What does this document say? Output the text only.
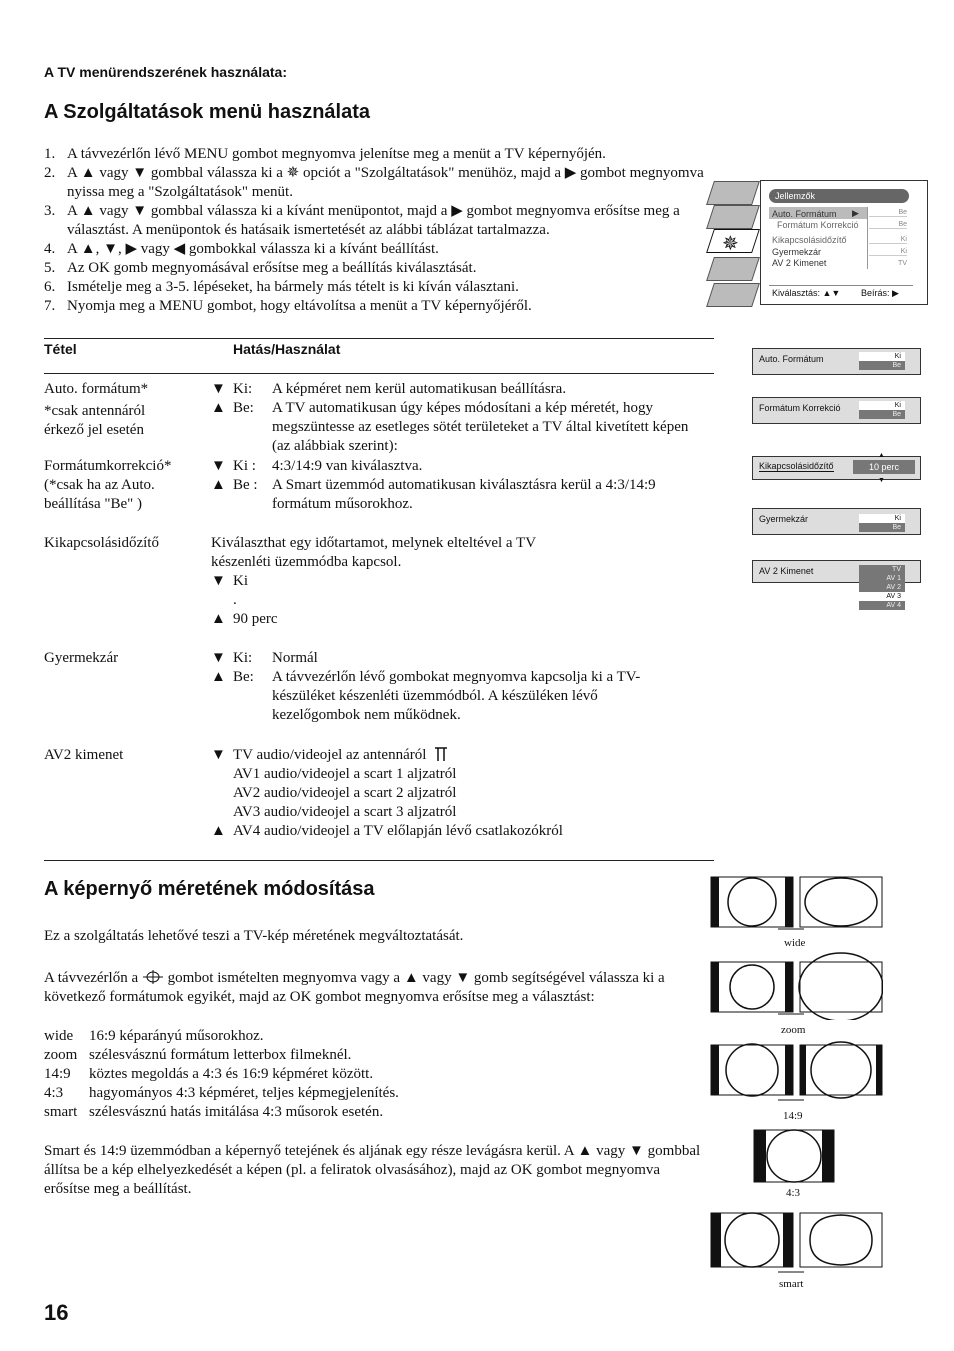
A TV menürendszerének használata:
A Szolgáltatások menü használata
1. A távvezérlőn lévő MENU gombot megnyomva jelenítse meg a menüt a TV képernyőjén.
2. A ▲ vagy ▼ gombbal válassza ki a ✵ opciót a "Szolgáltatások" menühöz, majd a ▶ gombot megnyomva nyissa meg a "Szolgáltatások" menüt.
3. A ▲ vagy ▼ gombbal válassza ki a kívánt menüpontot, majd a ▶ gombot megnyomva erősítse meg a választást. A menüpontok és hatásaik ismertetését az alábbi táblázat tartalmazza.
4. A ▲, ▼, ▶ vagy ◀ gombokkal válassza ki a kívánt beállítást.
5. Az OK gomb megnyomásával erősítse meg a beállítás kiválasztását.
6. Ismételje meg a 3-5. lépéseket, ha bármely más tételt is ki kíván választani.
7. Nyomja meg a MENU gombot, hogy eltávolítsa a menüt a TV képernyőjéről.
✵
Jellemzők
Auto. Formátum ▶
Formátum Korrekció
Kikapcsolásidőzítő
Gyermekzár
AV 2 Kimenet
Be
Be
Ki
Ki
TV
Kiválasztás: ▲▼ Beírás: ▶
Tétel	Hatás/Használat
Auto. formátum*
*csak antennáról érkező jel esetén
▼ Ki:	A képméret nem kerül automatikusan beállításra.
▲ Be:	A TV automatikusan úgy képes módosítani a kép méretét, hogy megszüntesse az esetleges sötét területeket a TV által kivetített képen (az alábbiak szerint):
Formátumkorrekció*
(*csak ha az Auto. beállítása "Be" )
▼ Ki :	4:3/14:9 van kiválasztva.
▲ Be : A Smart üzemmód automatikusan kiválasztásra kerül a 4:3/14:9 formátum műsorokhoz.
Kikapcsolásidőzítő	Kiválaszthat egy időtartamot, melynek elteltével a TV készenléti üzemmódba kapcsol.
▼ Ki
.
▲ 90 perc
Gyermekzár	▼ Ki:	Normál
▲ Be:	A távvezérlőn lévő gombokat megnyomva kapcsolja ki a TV-készüléket készenléti üzemmódból. A készüléken lévő kezelőgombok nem működnek.
AV2 kimenet	▼ TV audio/videojel az antennáról
AV1 audio/videojel a scart 1 aljzatról
AV2 audio/videojel a scart 2 aljzatról
AV3 audio/videojel a scart 3 aljzatról
▲ AV4 audio/videojel a TV előlapján lévő csatlakozókról
Auto. Formátum	Ki
Be
Formátum Korrekció	Ki
Be
Kikapcsolásidőzítő	10 perc
▲
▼
Gyermekzár	Ki
Be
AV 2 Kimenet	TV
AV 1
AV 2
AV 3
AV 4
A képernyő méretének módosítása
Ez a szolgáltatás lehetővé teszi a TV-kép méretének megváltoztatását.
A távvezérlőn a gombot ismételten megnyomva vagy a ▲ vagy ▼ gomb segítségével válassza ki a következő formátumok egyikét, majd az OK gombot megnyomva erősítse meg a választást:
wide	16:9 képarányú műsorokhoz.
zoom szélesvásznú formátum letterbox filmeknél.
14:9	köztes megoldás a 4:3 és 16:9 képméret között.
4:3	hagyományos 4:3 képméret, teljes képmegjelenítés.
smart szélesvásznú hatás imitálása 4:3 műsorok esetén.
Smart és 14:9 üzemmódban a képernyő tetejének és aljának egy része levágásra kerül. A ▲ vagy ▼ gombbal állítsa be a kép elhelyezkedését a képen (pl. a feliratok olvasásához), majd az OK gombot megnyomva erősítse meg a beállítást.
wide
zoom
14:9
4:3
smart
16
